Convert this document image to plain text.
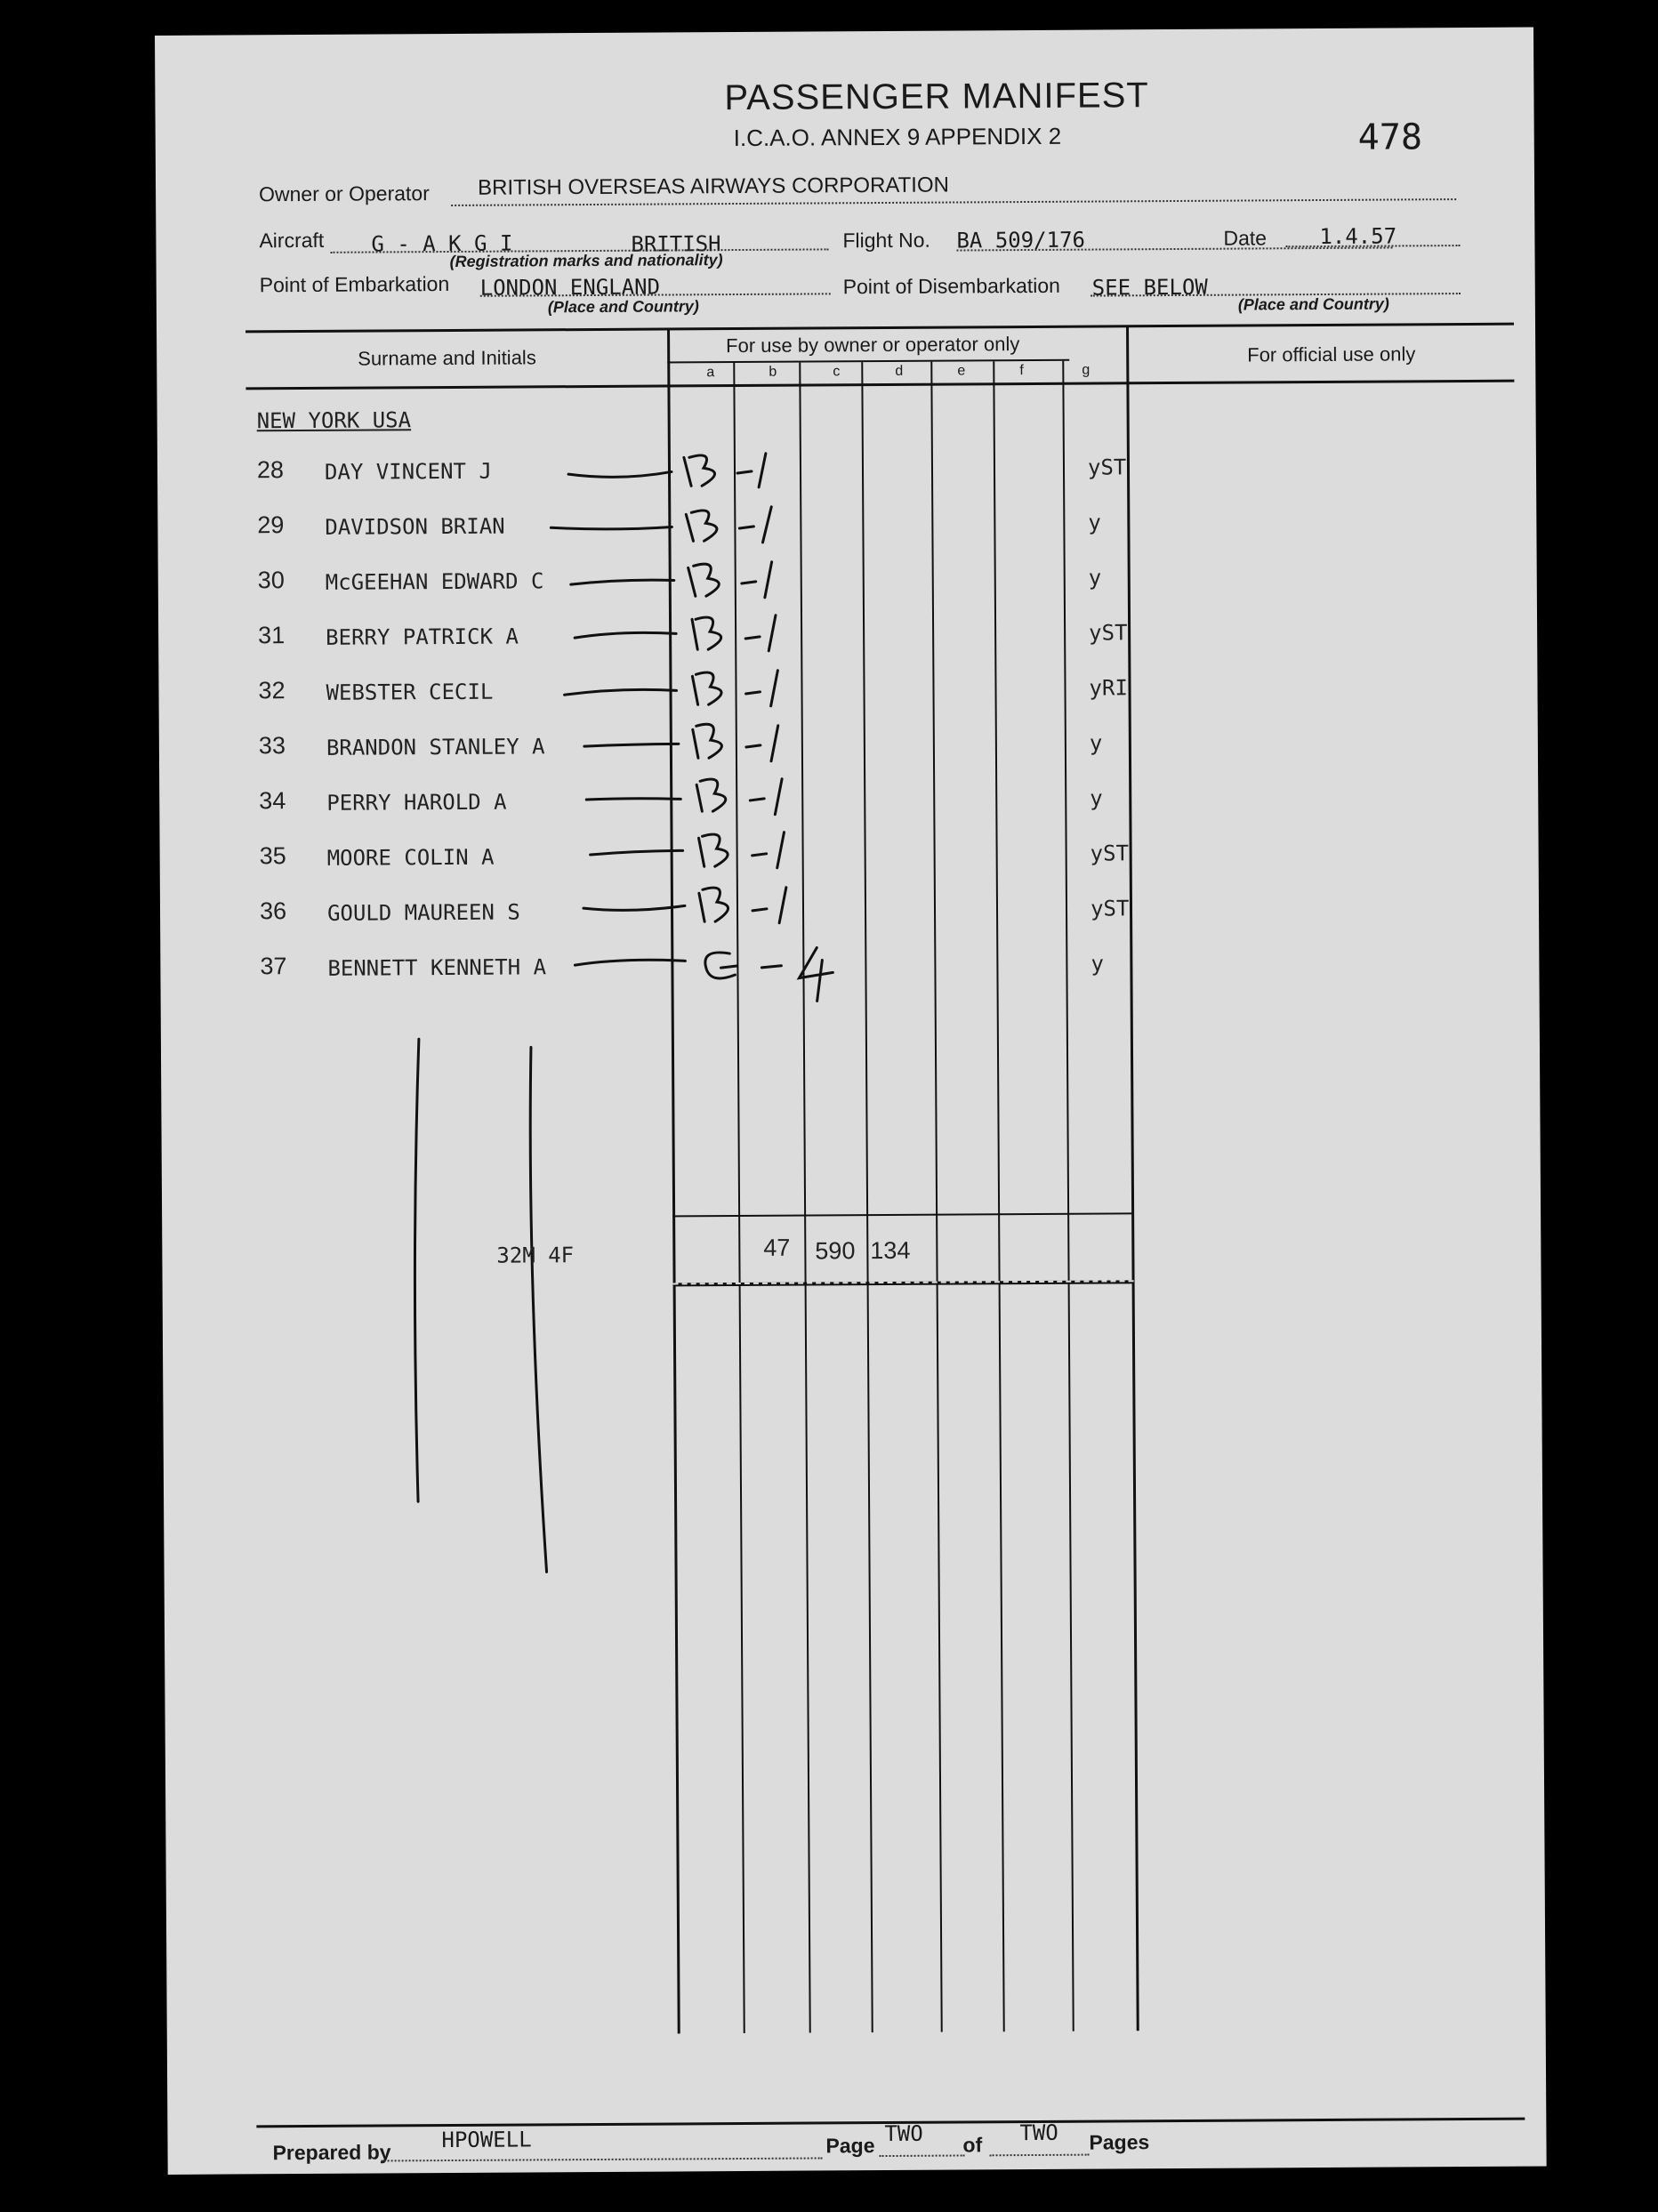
PASSENGER MANIFEST
I.C.A.O. ANNEX 9 APPENDIX 2	478
Owner or Operator BRITISH OVERSEAS AIRWAYS CORPORATION
Aircraft G - A K G I	BRITISH
(Registration marks and nationality)
Flight No. BA 509/176	Date 1.4.57
Point of Embarkation LONDON ENGLAND
(Place and Country)
Point of Disembarkation SEE BELOW
(Place and Country)
Surname and Initials
For use by owner or operator only	For official use only
a	b	c	d	e	f	g
NEW YORK USA
28 DAY VINCENT J	yST
29 DAVIDSON BRIAN	y
30 McGEEHAN EDWARD C	y
31 BERRY PATRICK A	yST
32 WEBSTER CECIL	yRI
33 BRANDON STANLEY A	y
34 PERRY HAROLD A	y
35 MOORE COLIN A	yST
36 GOULD MAUREEN S	yST
37 BENNETT KENNETH A	y
32M 4F	47 590 134
Prepared by HPOWELL	Page TWO of TWO Pages
